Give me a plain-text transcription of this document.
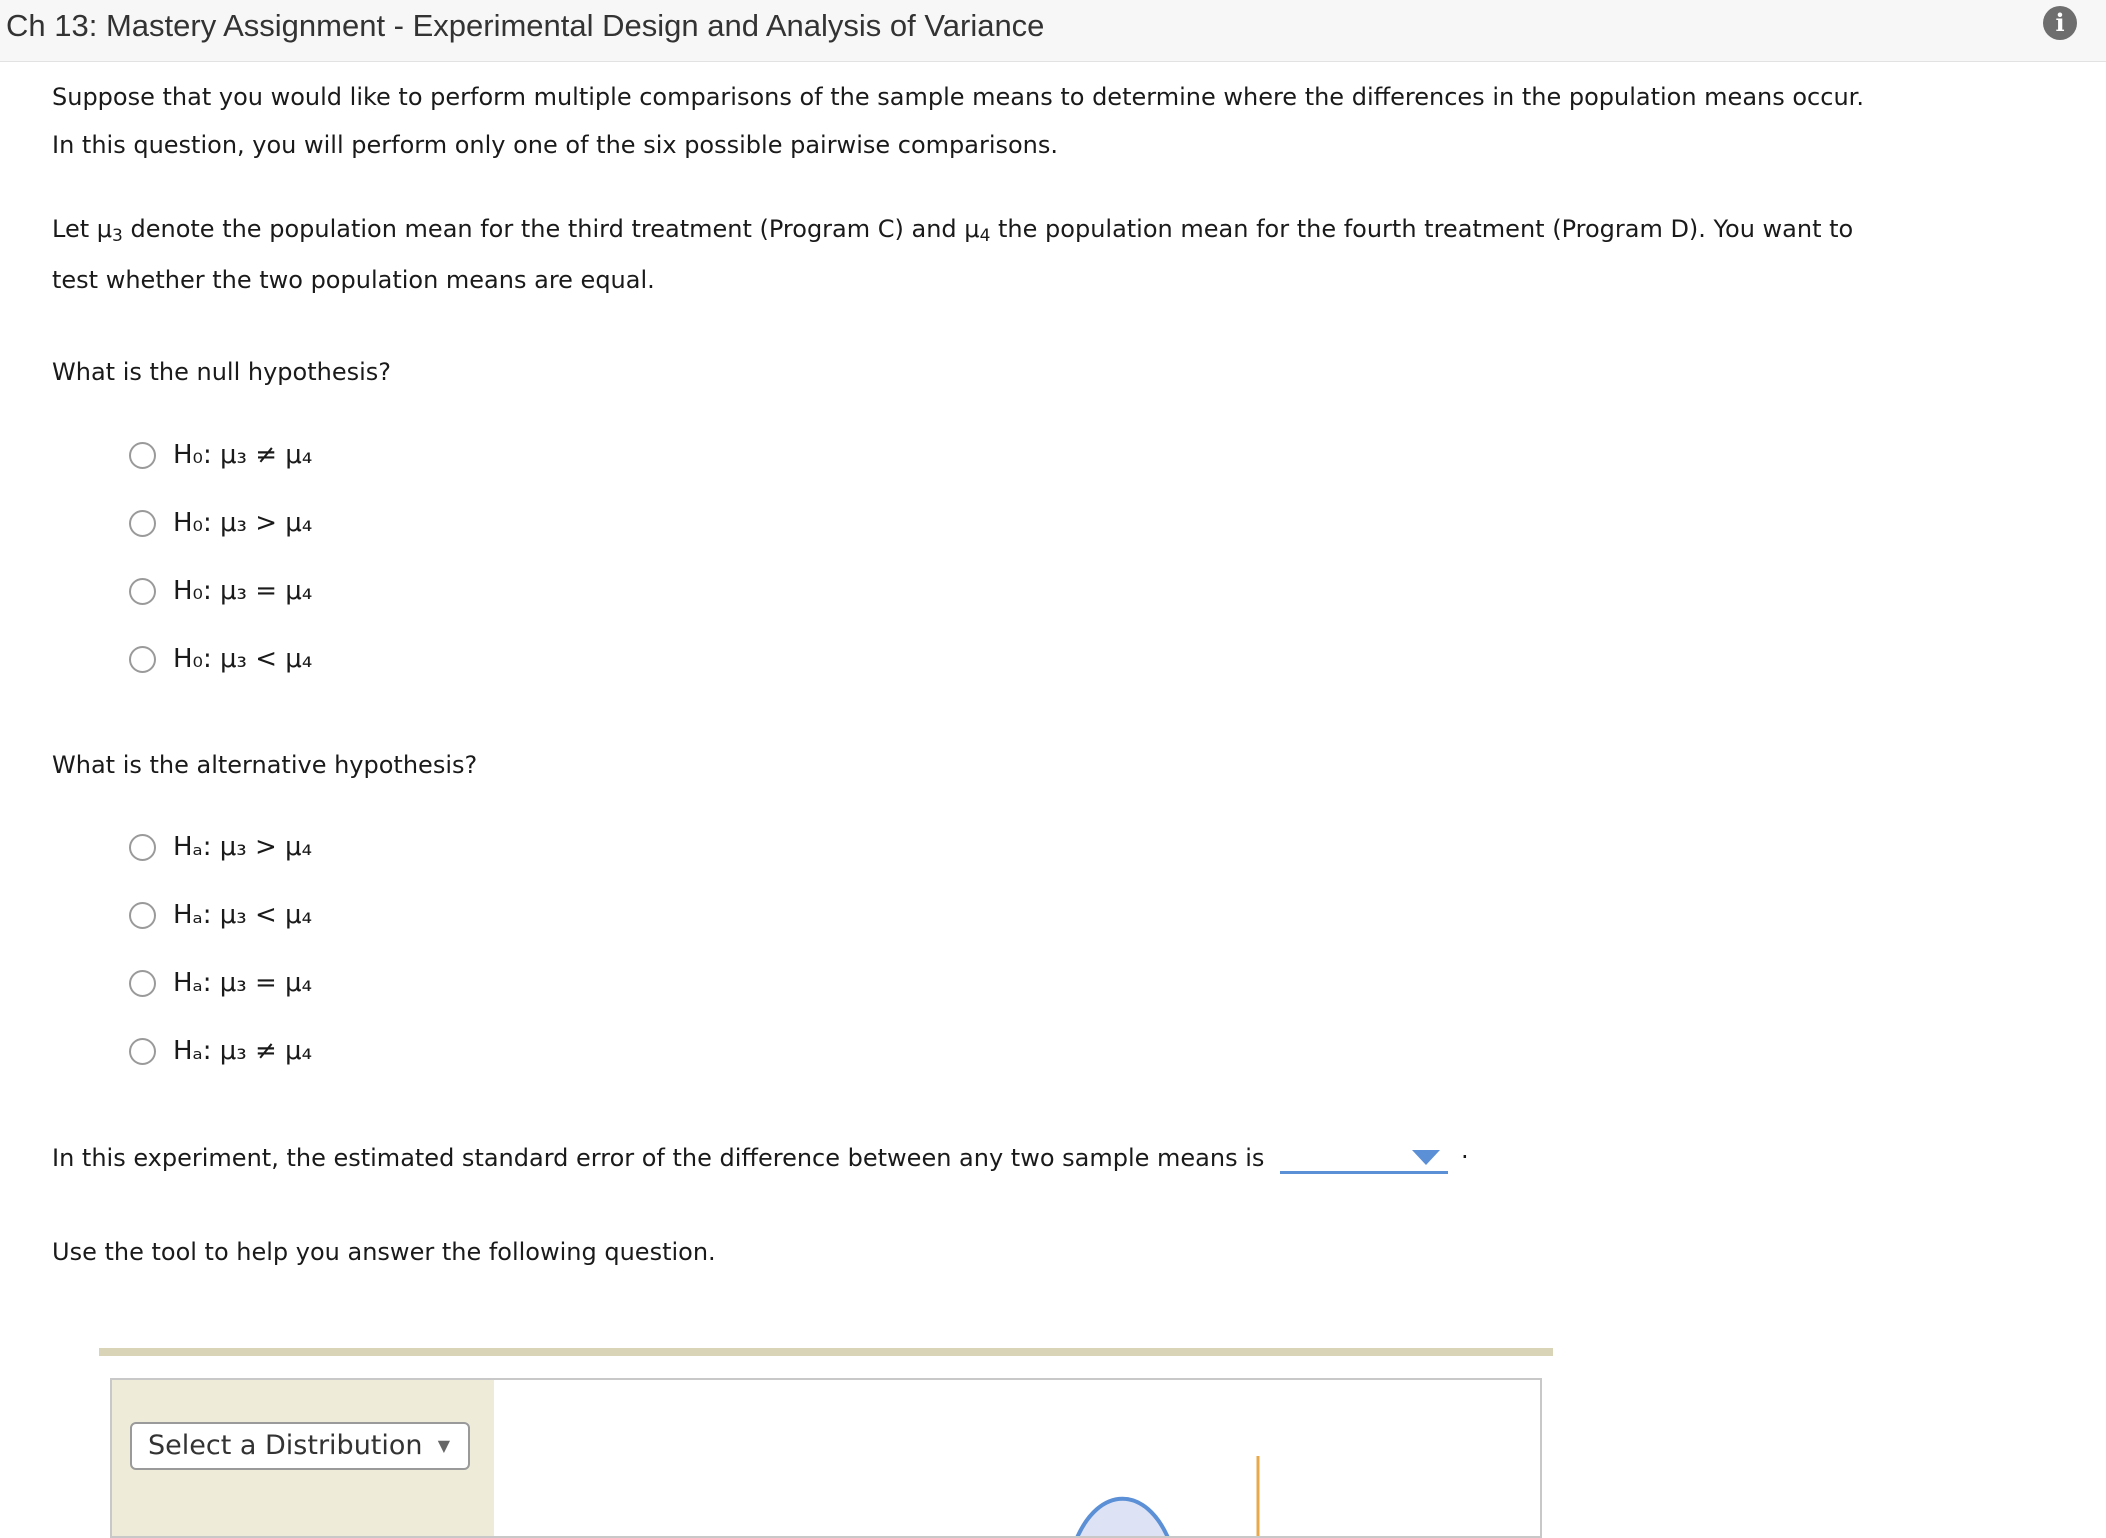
Ch 13: Mastery Assignment - Experimental Design and Analysis of Variance	i
Suppose that you would like to perform multiple comparisons of the sample means to determine where the differences in the population means occur.
In this question, you will perform only one of the six possible pairwise comparisons.
Let μ3 denote the population mean for the third treatment (Program C) and μ4 the population mean for the fourth treatment (Program D). You want to
test whether the two population means are equal.
What is the null hypothesis?
H₀: μ₃ ≠ μ₄
H₀: μ₃ > μ₄
H₀: μ₃ = μ₄
H₀: μ₃ < μ₄
What is the alternative hypothesis?
Hₐ: μ₃ > μ₄
Hₐ: μ₃ < μ₄
Hₐ: μ₃ = μ₄
Hₐ: μ₃ ≠ μ₄
In this experiment, the estimated standard error of the difference between any two sample means is	.
Use the tool to help you answer the following question.
Select a Distribution ▼
